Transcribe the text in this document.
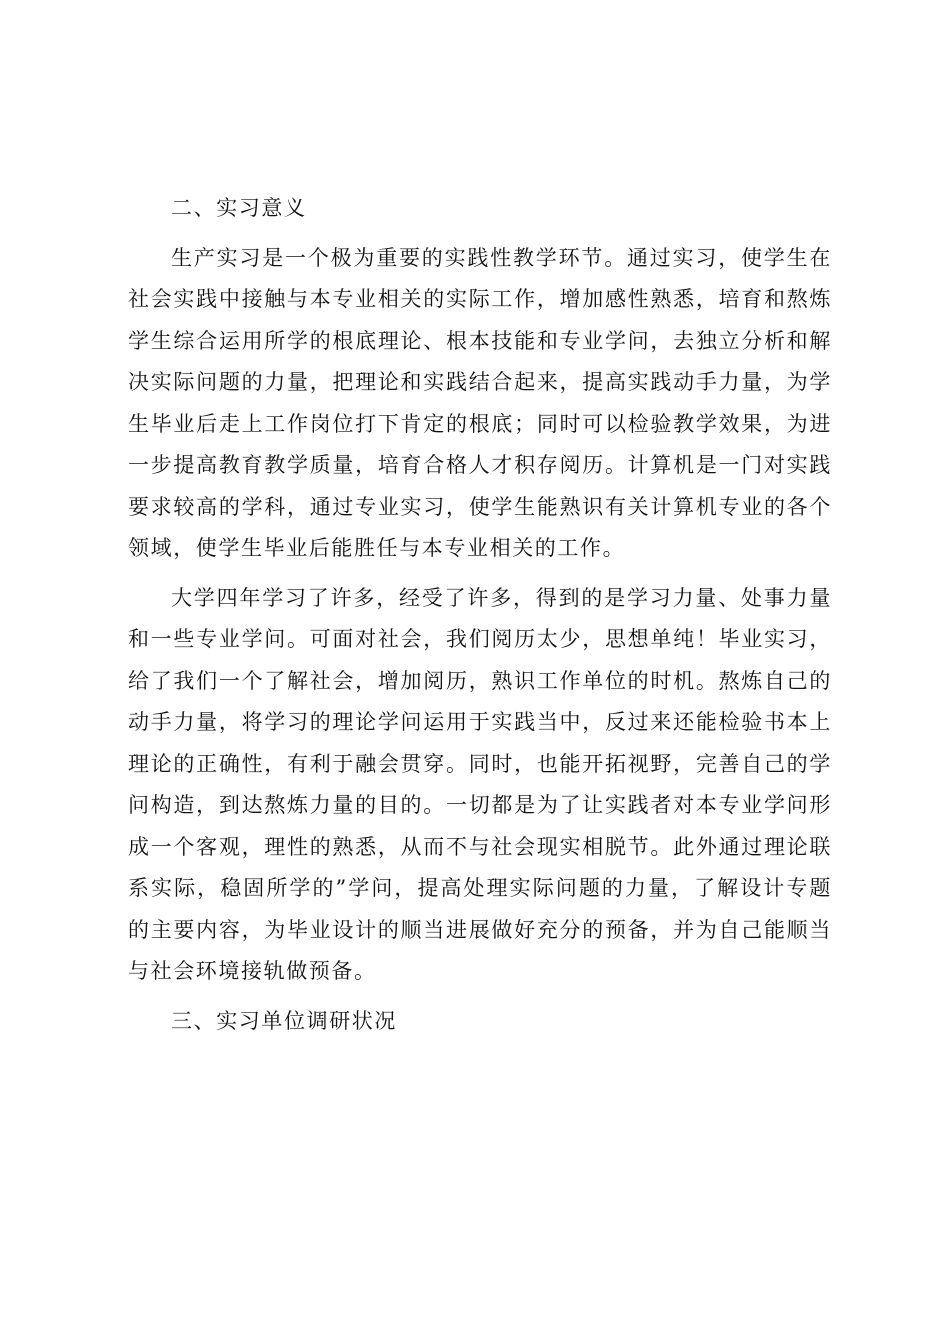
二、实习意义

生产实习是一个极为重要的实践性教学环节。通过实习，使学生在社会实践中接触与本专业相关的实际工作，增加感性熟悉，培育和熬炼学生综合运用所学的根底理论、根本技能和专业学问，去独立分析和解决实际问题的力量，把理论和实践结合起来，提高实践动手力量，为学生毕业后走上工作岗位打下肯定的根底；同时可以检验教学效果，为进一步提高教育教学质量，培育合格人才积存阅历。计算机是一门对实践要求较高的学科，通过专业实习，使学生能熟识有关计算机专业的各个领域，使学生毕业后能胜任与本专业相关的工作。

大学四年学习了许多，经受了许多，得到的是学习力量、处事力量和一些专业学问。可面对社会，我们阅历太少，思想单纯！毕业实习，给了我们一个了解社会，增加阅历，熟识工作单位的时机。熬炼自己的动手力量，将学习的理论学问运用于实践当中，反过来还能检验书本上理论的正确性，有利于融会贯穿。同时，也能开拓视野，完善自己的学问构造，到达熬炼力量的目的。一切都是为了让实践者对本专业学问形成一个客观，理性的熟悉，从而不与社会现实相脱节。此外通过理论联系实际，稳固所学的”学问，提高处理实际问题的力量，了解设计专题的主要内容，为毕业设计的顺当进展做好充分的预备，并为自己能顺当与社会环境接轨做预备。

三、实习单位调研状况
